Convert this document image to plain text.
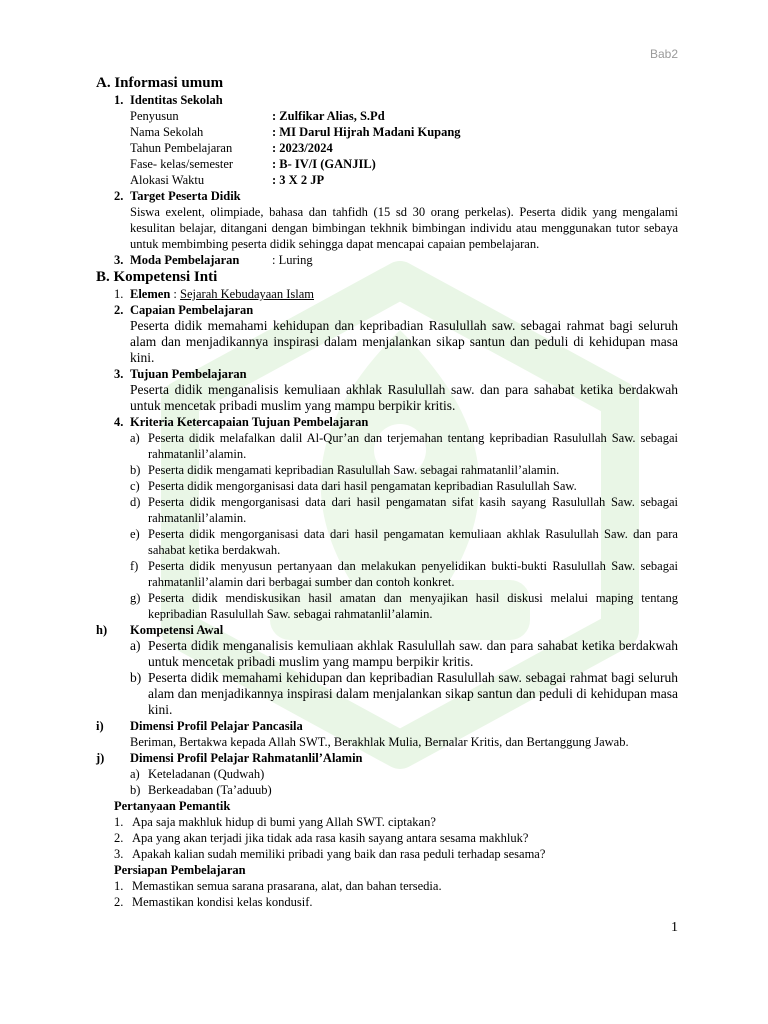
Bab2
A. Informasi umum
1. Identitas Sekolah
Penyusun	: Zulfikar Alias, S.Pd
Nama Sekolah	: MI Darul Hijrah Madani Kupang
Tahun Pembelajaran	: 2023/2024
Fase- kelas/semester	: B- IV/I (GANJIL)
Alokasi Waktu	: 3 X 2 JP
2. Target Peserta Didik
Siswa exelent, olimpiade, bahasa dan tahfidh (15 sd 30 orang perkelas). Peserta didik yang mengalami kesulitan belajar, ditangani dengan bimbingan tekhnik bimbingan individu atau menggunakan tutor sebaya untuk membimbing peserta didik sehingga dapat mencapai capaian pembelajaran.
3. Moda Pembelajaran	: Luring
B. Kompetensi Inti
1. Elemen : Sejarah Kebudayaan Islam
2. Capaian Pembelajaran
Peserta didik memahami kehidupan dan kepribadian Rasulullah saw. sebagai rahmat bagi seluruh alam dan menjadikannya inspirasi dalam menjalankan sikap santun dan peduli di kehidupan masa kini.
3. Tujuan Pembelajaran
Peserta didik menganalisis kemuliaan akhlak Rasulullah saw. dan para sahabat ketika berdakwah untuk mencetak pribadi muslim yang mampu berpikir kritis.
4. Kriteria Ketercapaian Tujuan Pembelajaran
a) Peserta didik melafalkan dalil Al-Qur’an dan terjemahan tentang kepribadian Rasulullah Saw. sebagai rahmatanlil’alamin.
b) Peserta didik mengamati kepribadian Rasulullah Saw. sebagai rahmatanlil’alamin.
c) Peserta didik mengorganisasi data dari hasil pengamatan kepribadian Rasulullah Saw.
d) Peserta didik mengorganisasi data dari hasil pengamatan sifat kasih sayang Rasulullah Saw. sebagai rahmatanlil’alamin.
e) Peserta didik mengorganisasi data dari hasil pengamatan kemuliaan akhlak Rasulullah Saw. dan para sahabat ketika berdakwah.
f) Peserta didik menyusun pertanyaan dan melakukan penyelidikan bukti-bukti Rasulullah Saw. sebagai rahmatanlil’alamin dari berbagai sumber dan contoh konkret.
g) Peserta didik mendiskusikan hasil amatan dan menyajikan hasil diskusi melalui maping tentang kepribadian Rasulullah Saw. sebagai rahmatanlil’alamin.
h)	Kompetensi Awal
a) Peserta didik menganalisis kemuliaan akhlak Rasulullah saw. dan para sahabat ketika berdakwah untuk mencetak pribadi muslim yang mampu berpikir kritis.
b) Peserta didik memahami kehidupan dan kepribadian Rasulullah saw. sebagai rahmat bagi seluruh alam dan menjadikannya inspirasi dalam menjalankan sikap santun dan peduli di kehidupan masa kini.
i)	Dimensi Profil Pelajar Pancasila
Beriman, Bertakwa kepada Allah SWT., Berakhlak Mulia, Bernalar Kritis, dan Bertanggung Jawab.
j)	Dimensi Profil Pelajar Rahmatanlil’Alamin
a) Keteladanan (Qudwah)
b) Berkeadaban (Ta’aduub)
Pertanyaan Pemantik
1. Apa saja makhluk hidup di bumi yang Allah SWT. ciptakan?
2. Apa yang akan terjadi jika tidak ada rasa kasih sayang antara sesama makhluk?
3. Apakah kalian sudah memiliki pribadi yang baik dan rasa peduli terhadap sesama?
Persiapan Pembelajaran
1. Memastikan semua sarana prasarana, alat, dan bahan tersedia.
2. Memastikan kondisi kelas kondusif.
1
